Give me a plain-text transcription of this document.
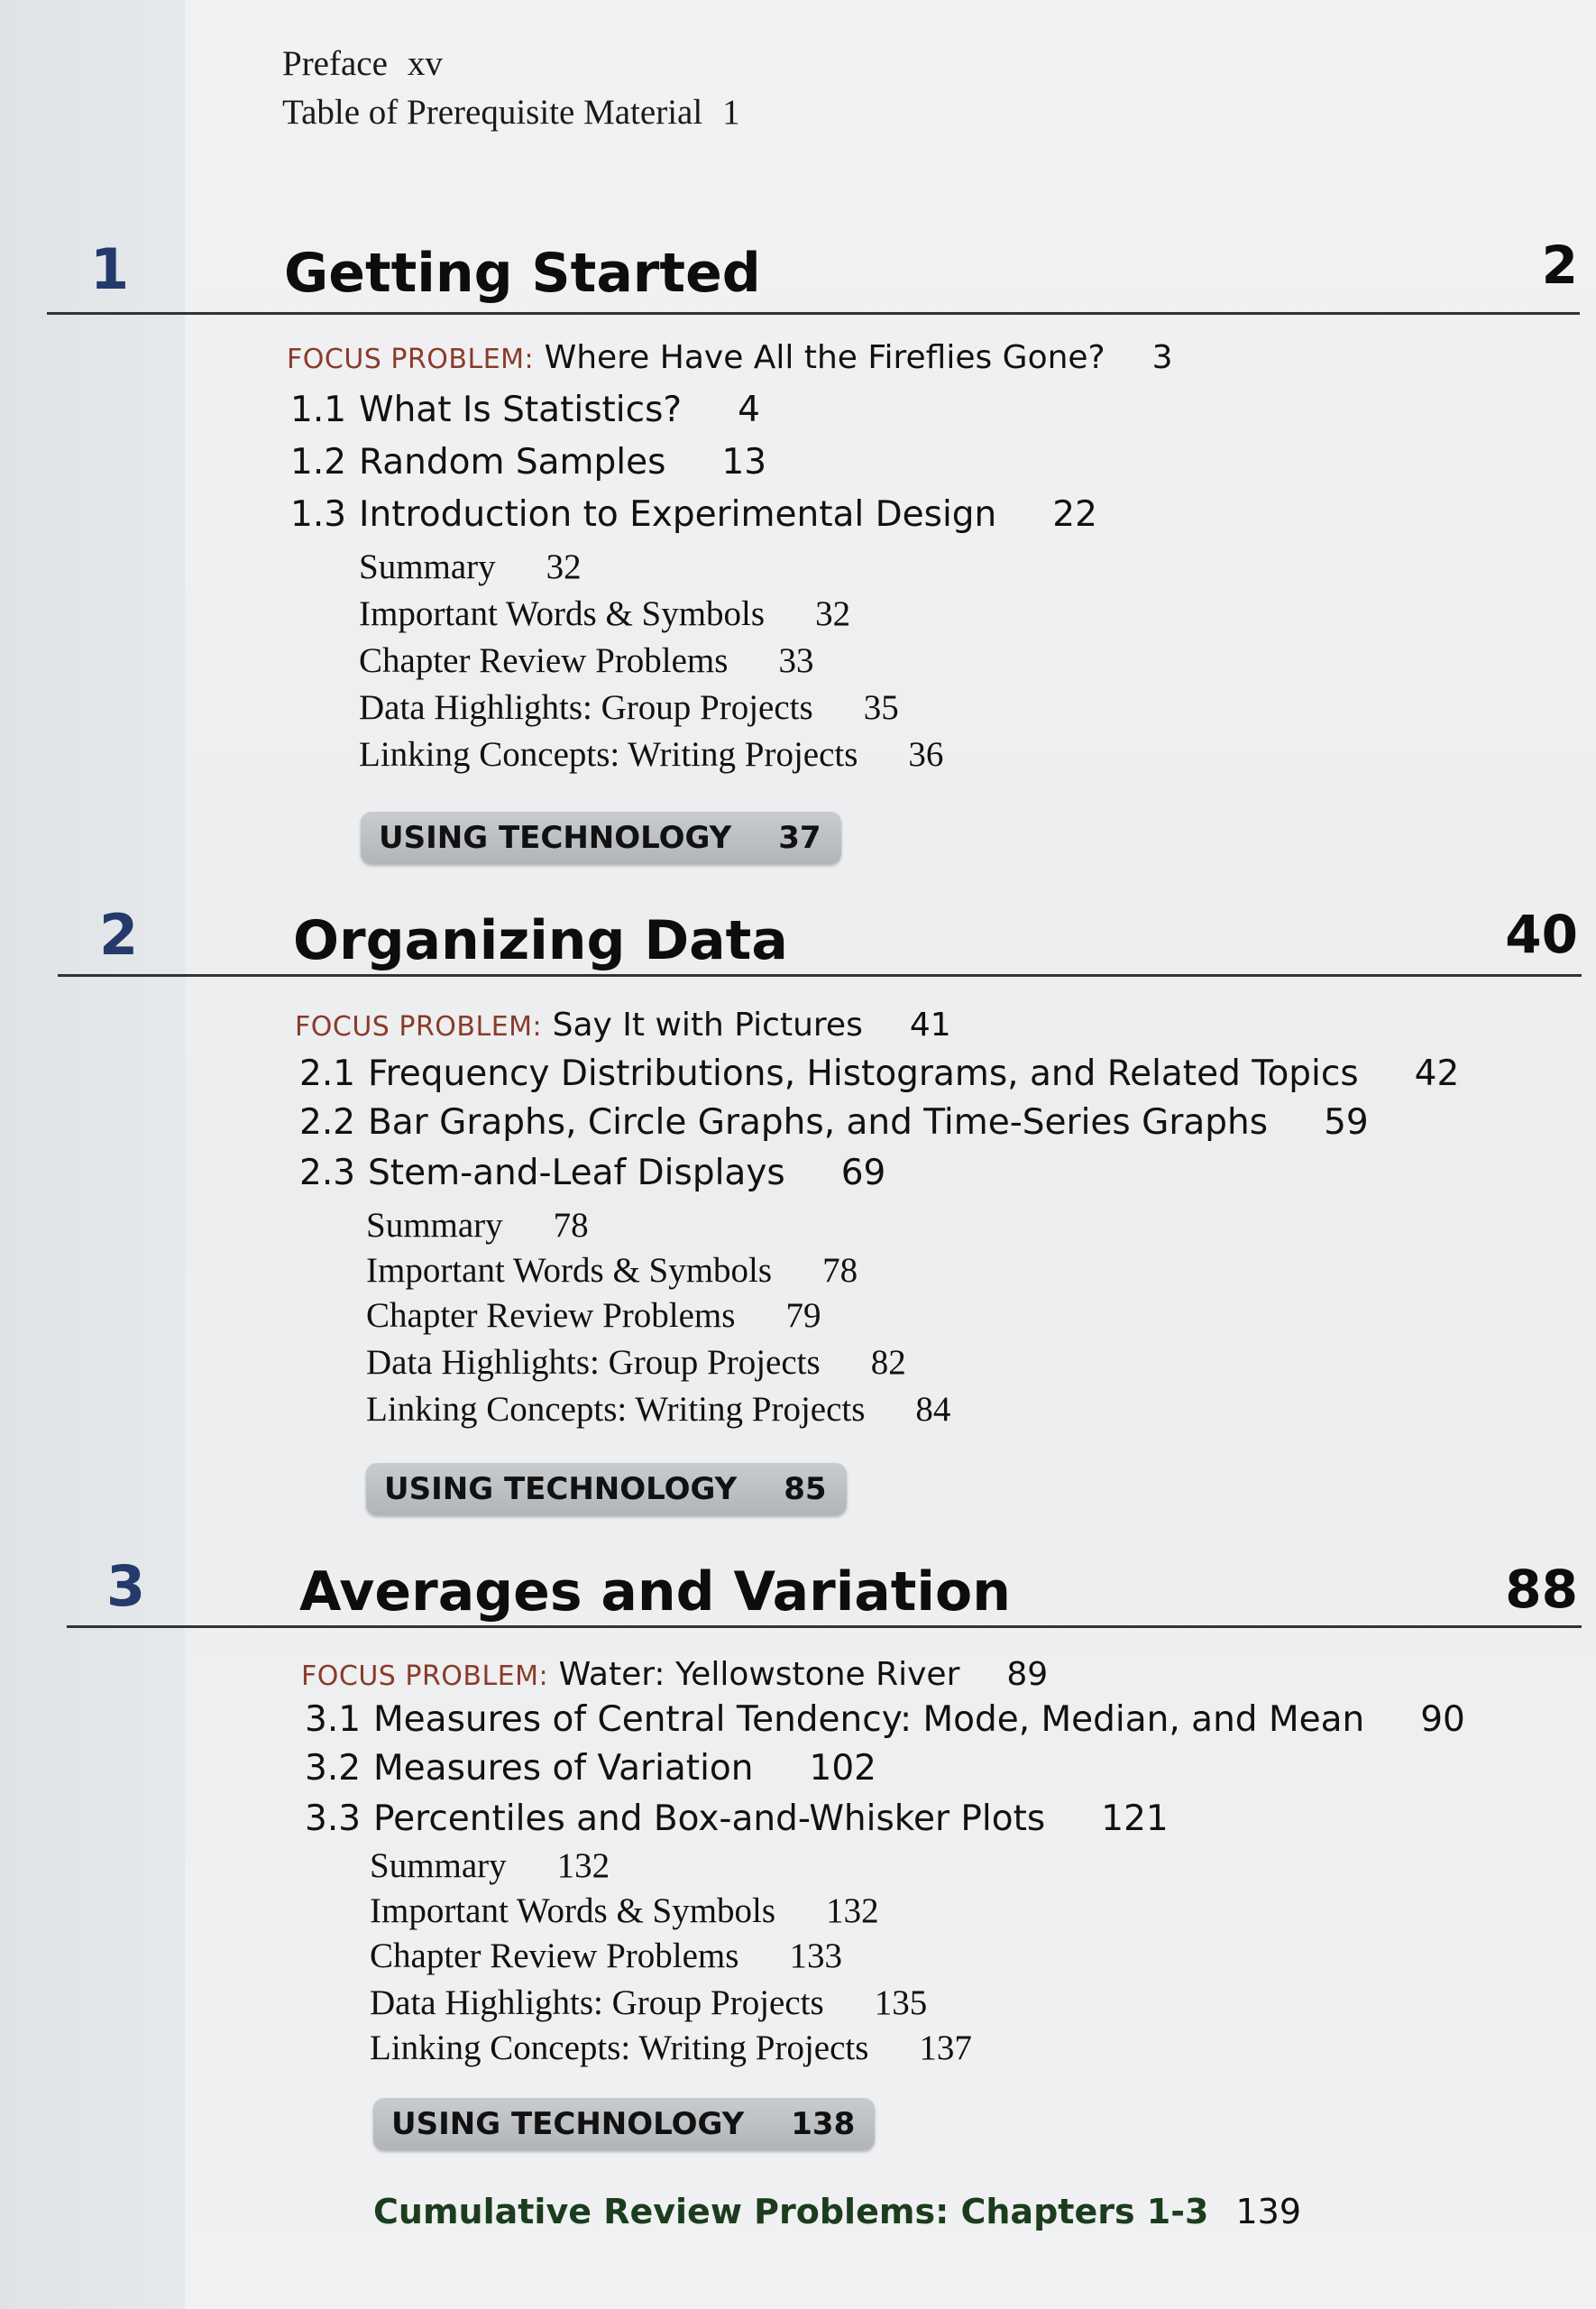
Preface xv
Table of Prerequisite Material 1
1	Getting Started	2
FOCUS PROBLEM: Where Have All the Fireflies Gone? 3
1.1 What Is Statistics? 4
1.2 Random Samples 13
1.3 Introduction to Experimental Design 22
Summary 32
Important Words & Symbols 32
Chapter Review Problems 33
Data Highlights: Group Projects 35
Linking Concepts: Writing Projects 36
USING TECHNOLOGY 37
2	Organizing Data	40
FOCUS PROBLEM: Say It with Pictures 41
2.1 Frequency Distributions, Histograms, and Related Topics 42
2.2 Bar Graphs, Circle Graphs, and Time-Series Graphs 59
2.3 Stem-and-Leaf Displays 69
Summary 78
Important Words & Symbols 78
Chapter Review Problems 79
Data Highlights: Group Projects 82
Linking Concepts: Writing Projects 84
USING TECHNOLOGY 85
3	Averages and Variation	88
FOCUS PROBLEM: Water: Yellowstone River 89
3.1 Measures of Central Tendency: Mode, Median, and Mean 90
3.2 Measures of Variation 102
3.3 Percentiles and Box-and-Whisker Plots 121
Summary 132
Important Words & Symbols 132
Chapter Review Problems 133
Data Highlights: Group Projects 135
Linking Concepts: Writing Projects 137
USING TECHNOLOGY 138
Cumulative Review Problems: Chapters 1-3 139
